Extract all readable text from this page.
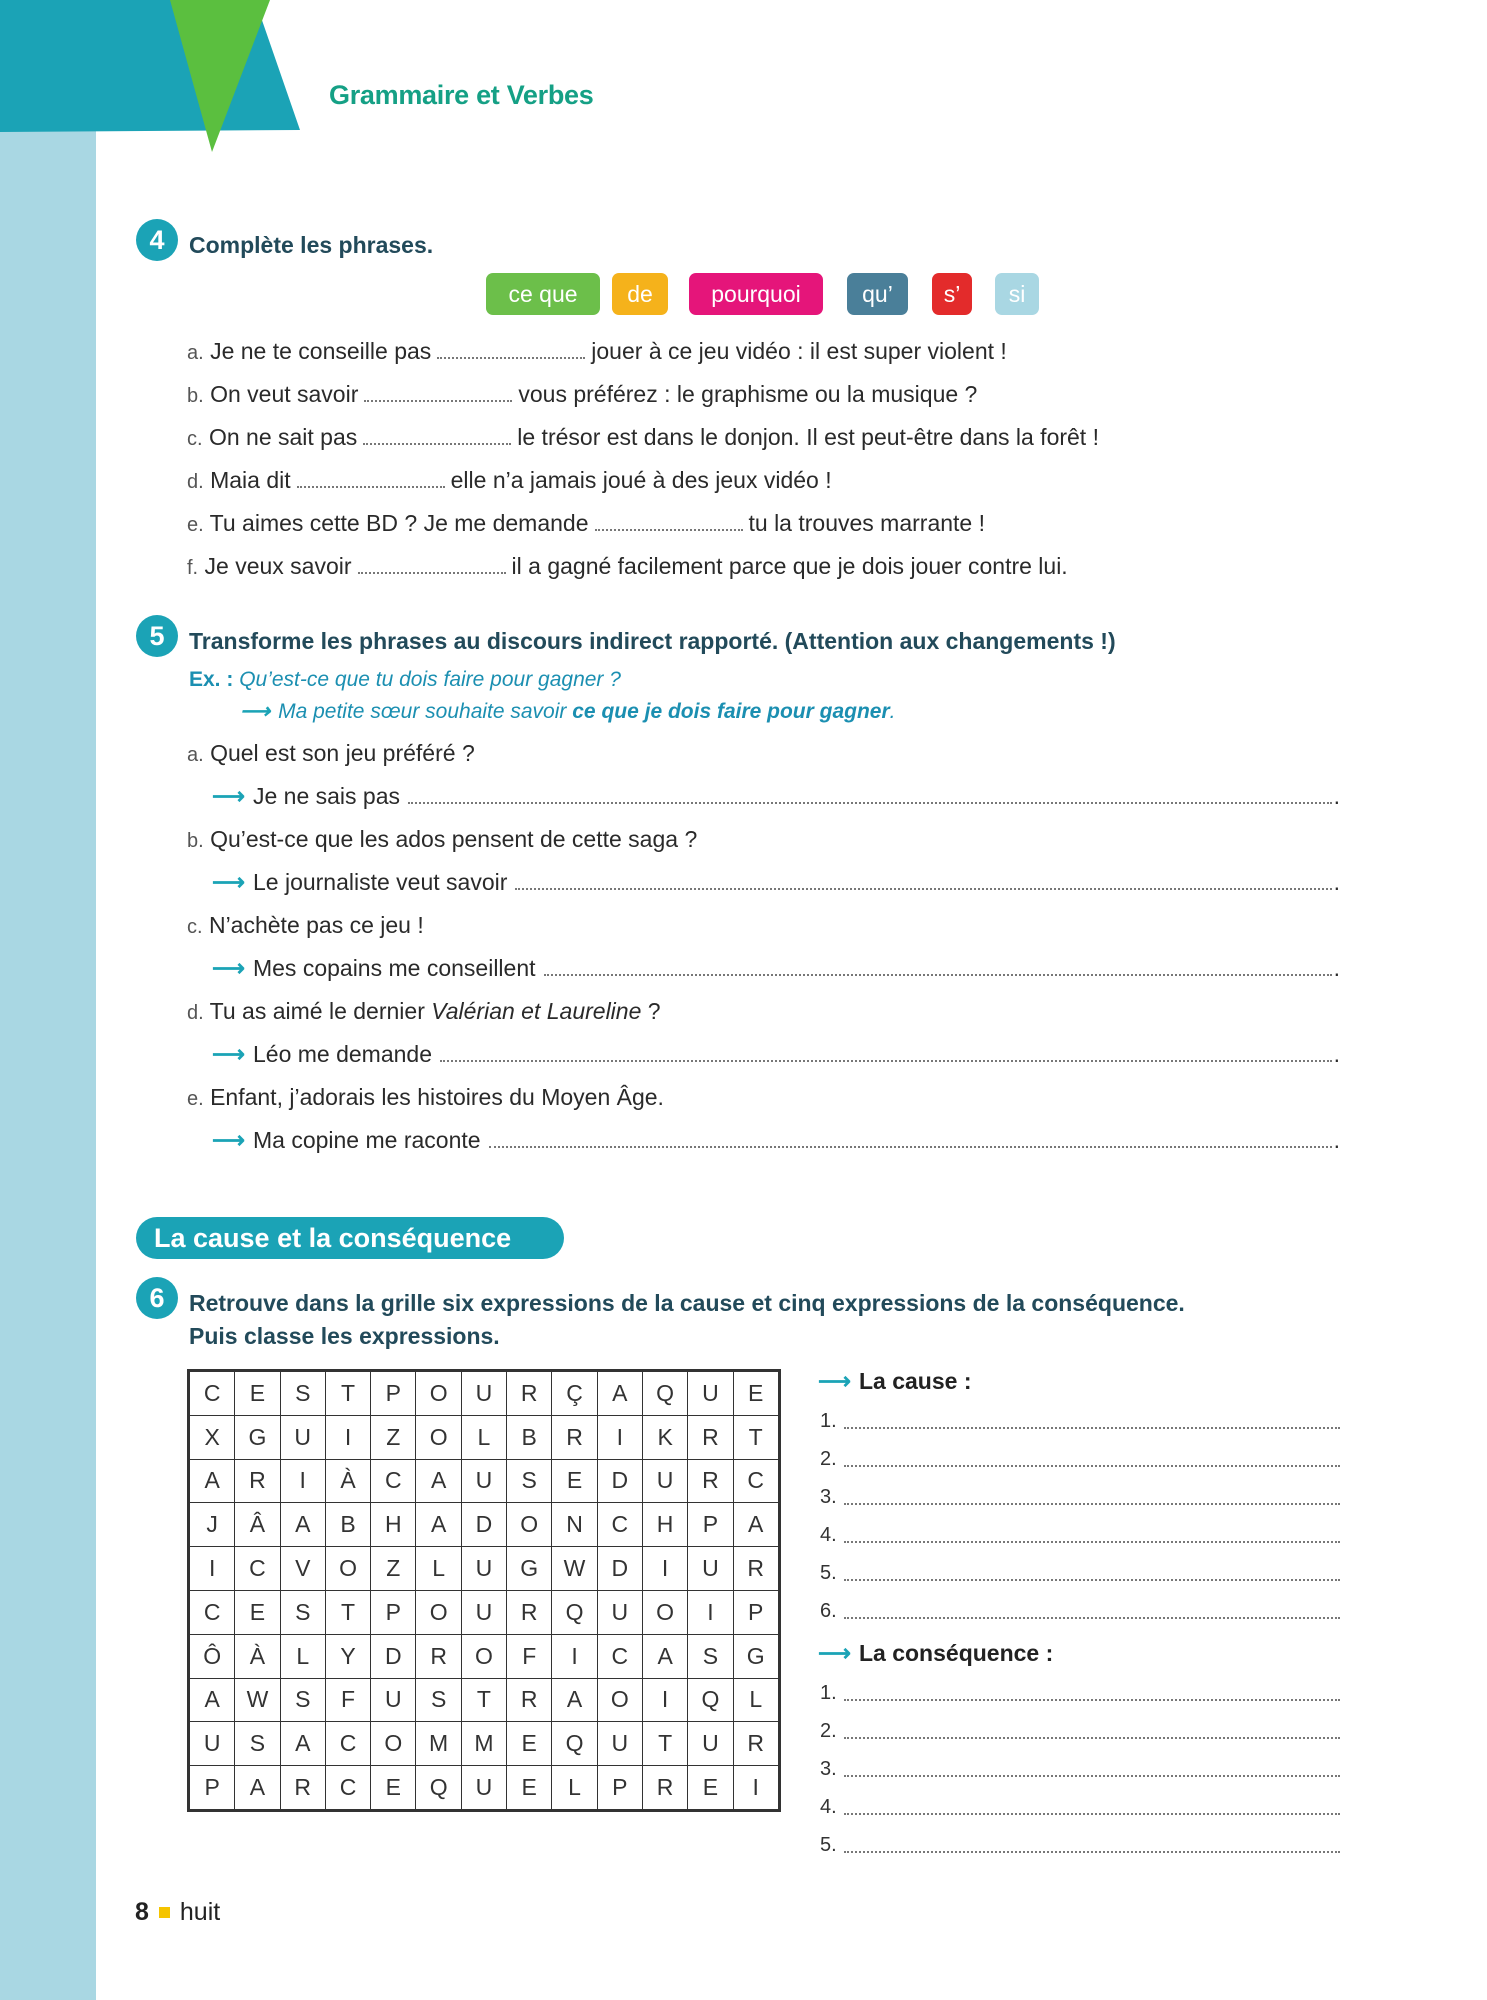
Grammaire et Verbes
4	Complète les phrases.
ce que	de	pourquoi	qu’	s’	si
a. Je ne te conseille pas	jouer à ce jeu vidéo : il est super violent !
b. On veut savoir	vous préférez : le graphisme ou la musique ?
c. On ne sait pas	le trésor est dans le donjon. Il est peut-être dans la forêt !
d. Maia dit	elle n’a jamais joué à des jeux vidéo !
e. Tu aimes cette BD ? Je me demande	tu la trouves marrante !
f. Je veux savoir	il a gagné facilement parce que je dois jouer contre lui.
5	Transforme les phrases au discours indirect rapporté. (Attention aux changements !)
Ex. : Qu’est-ce que tu dois faire pour gagner ?
⟶ Ma petite sœur souhaite savoir ce que je dois faire pour gagner.
a. Quel est son jeu préféré ?
⟶ Je ne sais pas	.
b. Qu’est-ce que les ados pensent de cette saga ?
⟶ Le journaliste veut savoir	.
c. N’achète pas ce jeu !
⟶ Mes copains me conseillent	.
d. Tu as aimé le dernier Valérian et Laureline ?
⟶ Léo me demande	.
e. Enfant, j’adorais les histoires du Moyen Âge.
⟶ Ma copine me raconte	.
La cause et la conséquence
6	Retrouve dans la grille six expressions de la cause et cinq expressions de la conséquence.
Puis classe les expressions.
C	E	S	T	P	O	U	R	Ç	A	Q	U	E
X	G	U	I	Z	O	L	B	R	I	K	R	T
A	R	I	À	C	A	U	S	E	D	U	R	C
J	Â	A	B	H	A	D	O	N	C	H	P	A
I	C	V	O	Z	L	U	G	W	D	I	U	R
C	E	S	T	P	O	U	R	Q	U	O	I	P
Ô	À	L	Y	D	R	O	F	I	C	A	S	G
A	W	S	F	U	S	T	R	A	O	I	Q	L
U	S	A	C	O	M	M	E	Q	U	T	U	R
P	A	R	C	E	Q	U	E	L	P	R	E	I
⟶ La cause :
1.
2.
3.
4.
5.
6.
⟶ La conséquence :
1.
2.
3.
4.
5.
8 huit
